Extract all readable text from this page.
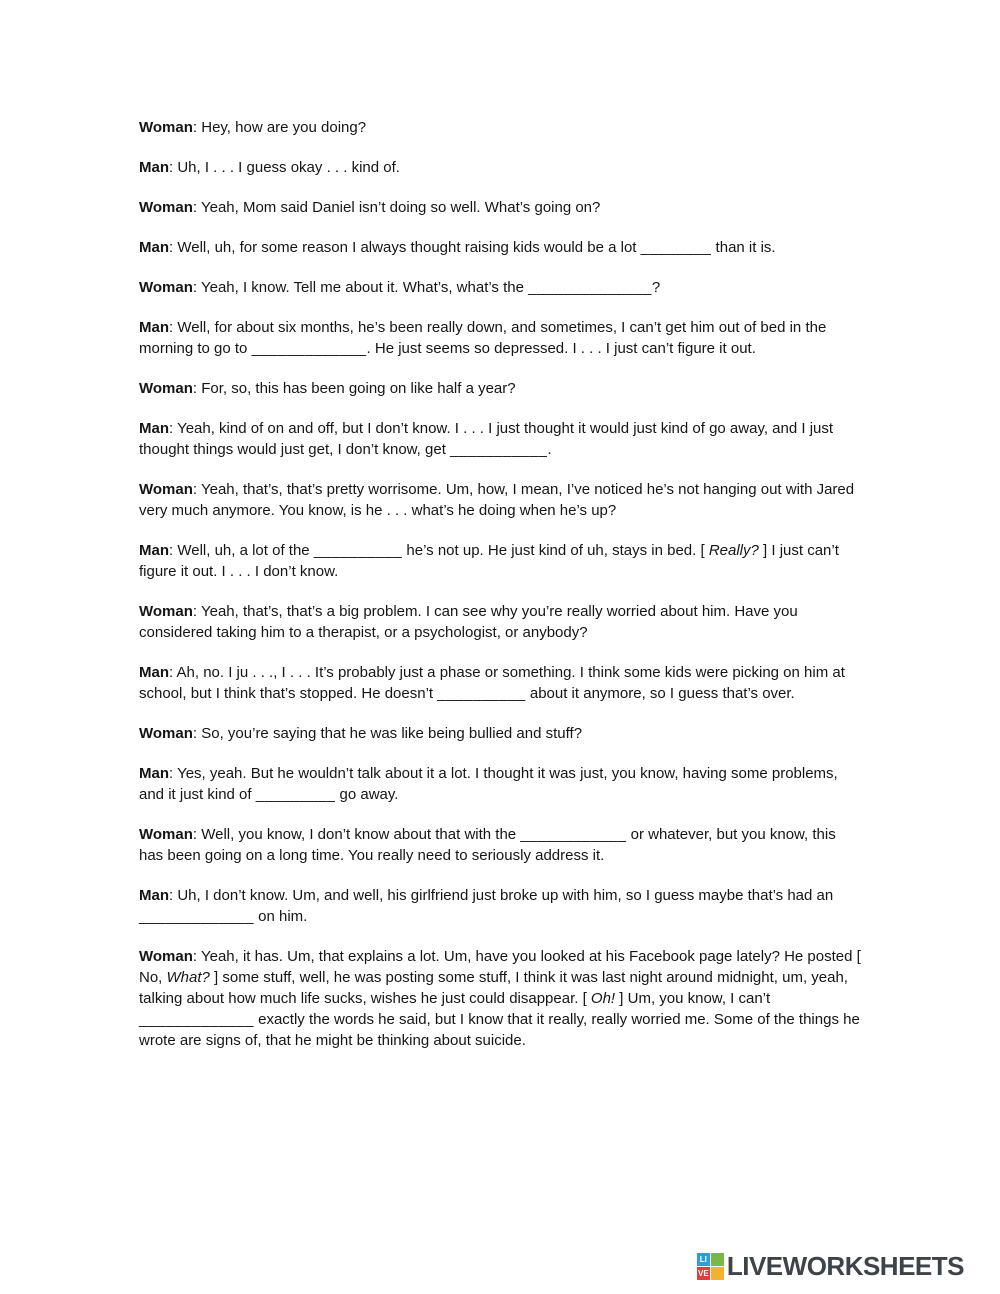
Woman: Hey, how are you doing?

Man: Uh, I . . . I guess okay . . . kind of.

Woman: Yeah, Mom said Daniel isn’t doing so well. What’s going on?

Man: Well, uh, for some reason I always thought raising kids would be a lot ________ than it is.

Woman: Yeah, I know. Tell me about it. What’s, what’s the ______________?

Man: Well, for about six months, he’s been really down, and sometimes, I can’t get him out of bed in the morning to go to _____________. He just seems so depressed. I . . . I just can’t figure it out.

Woman: For, so, this has been going on like half a year?

Man: Yeah, kind of on and off, but I don’t know. I . . . I just thought it would just kind of go away, and I just thought things would just get, I don’t know, get ___________.

Woman: Yeah, that’s, that’s pretty worrisome. Um, how, I mean, I’ve noticed he’s not hanging out with Jared very much anymore. You know, is he . . . what’s he doing when he’s up?

Man: Well, uh, a lot of the __________ he’s not up. He just kind of uh, stays in bed. [ Really? ] I just can’t figure it out. I . . . I don’t know.

Woman: Yeah, that’s, that’s a big problem. I can see why you’re really worried about him. Have you considered taking him to a therapist, or a psychologist, or anybody?

Man: Ah, no. I ju . . ., I . . . It’s probably just a phase or something. I think some kids were picking on him at school, but I think that’s stopped. He doesn’t __________ about it anymore, so I guess that’s over.

Woman: So, you’re saying that he was like being bullied and stuff?

Man: Yes, yeah. But he wouldn’t talk about it a lot. I thought it was just, you know, having some problems, and it just kind of _________ go away.

Woman: Well, you know, I don’t know about that with the ____________ or whatever, but you know, this has been going on a long time. You really need to seriously address it.

Man: Uh, I don’t know. Um, and well, his girlfriend just broke up with him, so I guess maybe that’s had an _____________ on him.

Woman: Yeah, it has. Um, that explains a lot. Um, have you looked at his Facebook page lately? He posted [ No, What? ] some stuff, well, he was posting some stuff, I think it was last night around midnight, um, yeah, talking about how much life sucks, wishes he just could disappear. [ Oh! ] Um, you know, I can’t _____________ exactly the words he said, but I know that it really, really worried me. Some of the things he wrote are signs of, that he might be thinking about suicide.

LI
VE LIVEWORKSHEETS
